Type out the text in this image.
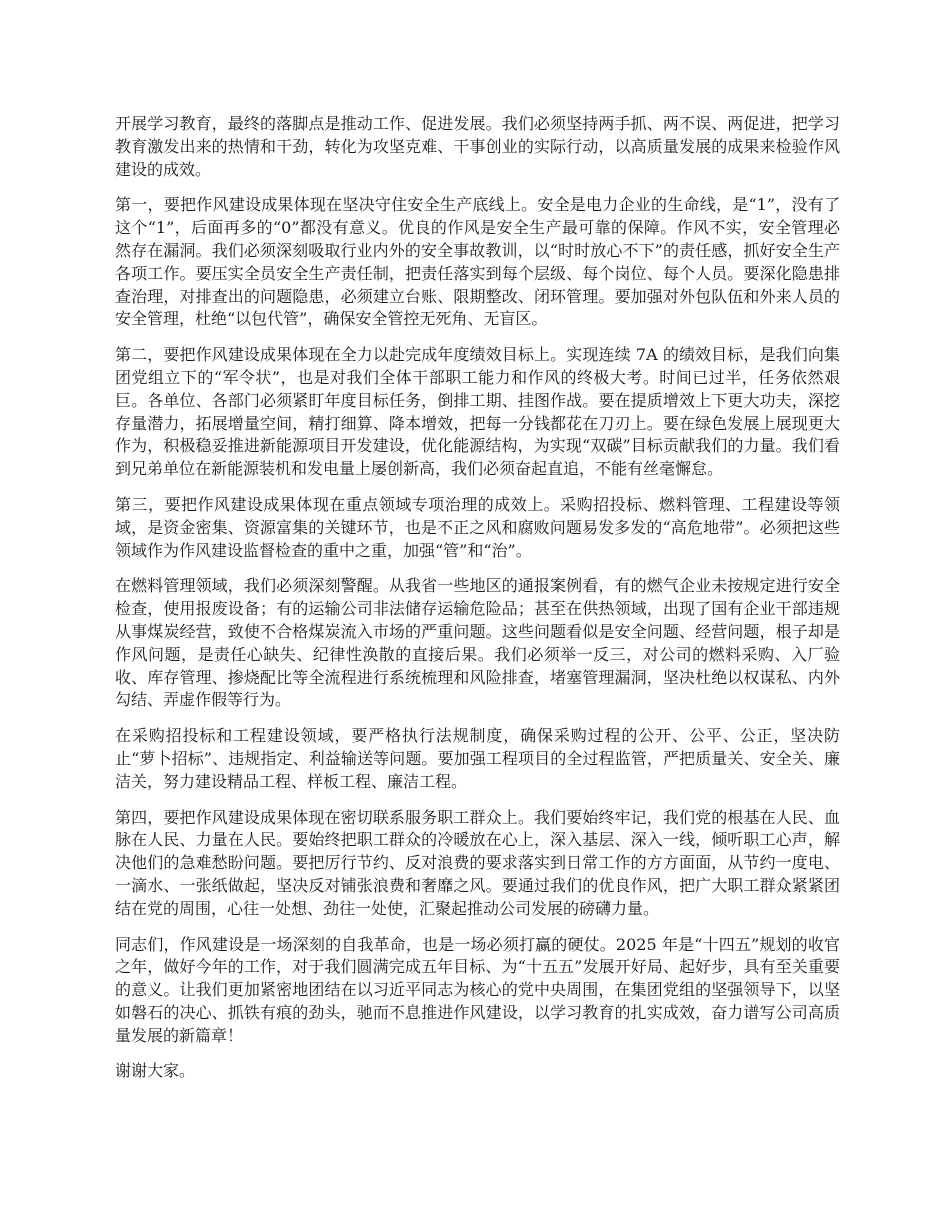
开展学习教育，最终的落脚点是推动工作、促进发展。我们必须坚持两手抓、两不误、两促进，把学习教育激发出来的热情和干劲，转化为攻坚克难、干事创业的实际行动，以高质量发展的成果来检验作风建设的成效。

第一，要把作风建设成果体现在坚决守住安全生产底线上。安全是电力企业的生命线，是“1”，没有了这个“1”，后面再多的“0”都没有意义。优良的作风是安全生产最可靠的保障。作风不实，安全管理必然存在漏洞。我们必须深刻吸取行业内外的安全事故教训，以“时时放心不下”的责任感，抓好安全生产各项工作。要压实全员安全生产责任制，把责任落实到每个层级、每个岗位、每个人员。要深化隐患排查治理，对排查出的问题隐患，必须建立台账、限期整改、闭环管理。要加强对外包队伍和外来人员的安全管理，杜绝“以包代管”，确保安全管控无死角、无盲区。

第二，要把作风建设成果体现在全力以赴完成年度绩效目标上。实现连续 7A 的绩效目标，是我们向集团党组立下的“军令状”，也是对我们全体干部职工能力和作风的终极大考。时间已过半，任务依然艰巨。各单位、各部门必须紧盯年度目标任务，倒排工期、挂图作战。要在提质增效上下更大功夫，深挖存量潜力，拓展增量空间，精打细算、降本增效，把每一分钱都花在刀刃上。要在绿色发展上展现更大作为，积极稳妥推进新能源项目开发建设，优化能源结构，为实现“双碳”目标贡献我们的力量。我们看到兄弟单位在新能源装机和发电量上屡创新高，我们必须奋起直追，不能有丝毫懈怠。

第三，要把作风建设成果体现在重点领域专项治理的成效上。采购招投标、燃料管理、工程建设等领域，是资金密集、资源富集的关键环节，也是不正之风和腐败问题易发多发的“高危地带”。必须把这些领域作为作风建设监督检查的重中之重，加强“管”和“治”。

在燃料管理领域，我们必须深刻警醒。从我省一些地区的通报案例看，有的燃气企业未按规定进行安全检查，使用报废设备；有的运输公司非法储存运输危险品；甚至在供热领域，出现了国有企业干部违规从事煤炭经营，致使不合格煤炭流入市场的严重问题。这些问题看似是安全问题、经营问题，根子却是作风问题，是责任心缺失、纪律性涣散的直接后果。我们必须举一反三，对公司的燃料采购、入厂验收、库存管理、掺烧配比等全流程进行系统梳理和风险排查，堵塞管理漏洞，坚决杜绝以权谋私、内外勾结、弄虚作假等行为。

在采购招投标和工程建设领域，要严格执行法规制度，确保采购过程的公开、公平、公正，坚决防止“萝卜招标”、违规指定、利益输送等问题。要加强工程项目的全过程监管，严把质量关、安全关、廉洁关，努力建设精品工程、样板工程、廉洁工程。

第四，要把作风建设成果体现在密切联系服务职工群众上。我们要始终牢记，我们党的根基在人民、血脉在人民、力量在人民。要始终把职工群众的冷暖放在心上，深入基层、深入一线，倾听职工心声，解决他们的急难愁盼问题。要把厉行节约、反对浪费的要求落实到日常工作的方方面面，从节约一度电、一滴水、一张纸做起，坚决反对铺张浪费和奢靡之风。要通过我们的优良作风，把广大职工群众紧紧团结在党的周围，心往一处想、劲往一处使，汇聚起推动公司发展的磅礴力量。

同志们，作风建设是一场深刻的自我革命，也是一场必须打赢的硬仗。2025 年是“十四五”规划的收官之年，做好今年的工作，对于我们圆满完成五年目标、为“十五五”发展开好局、起好步，具有至关重要的意义。让我们更加紧密地团结在以习近平同志为核心的党中央周围，在集团党组的坚强领导下，以坚如磐石的决心、抓铁有痕的劲头，驰而不息推进作风建设，以学习教育的扎实成效，奋力谱写公司高质量发展的新篇章！

谢谢大家。
